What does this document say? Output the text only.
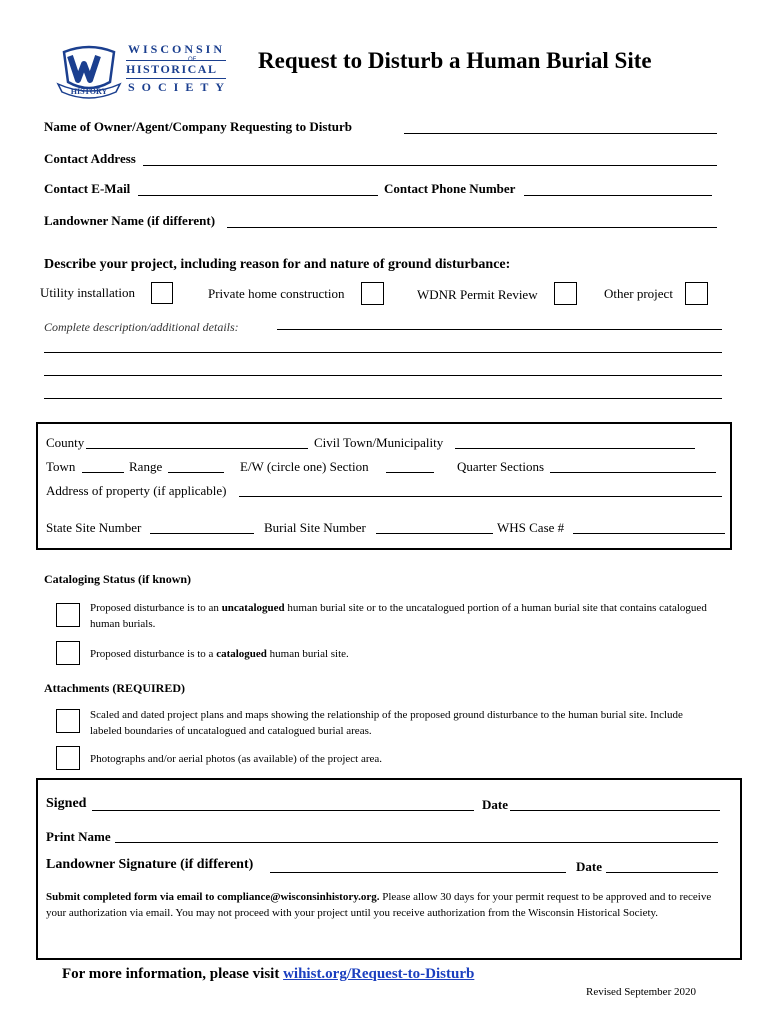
HISTORY
WISCONSIN
OF
HISTORICAL
SOCIETY
Request to Disturb a Human Burial Site
Name of Owner/Agent/Company Requesting to Disturb
Contact Address
Contact E-Mail	Contact Phone Number
Landowner Name (if different)
Describe your project, including reason for and nature of ground disturbance:
Utility installation	Private home construction	WDNR Permit Review	Other project
Complete description/additional details:
County	Civil Town/Municipality
Town	Range	E/W (circle one) Section	Quarter Sections
Address of property (if applicable)
State Site Number	Burial Site Number	WHS Case #
Cataloging Status (if known)
Proposed disturbance is to an uncatalogued human burial site or to the uncatalogued portion of a human burial site that contains catalogued human burials.
Proposed disturbance is to a catalogued human burial site.
Attachments (REQUIRED)
Scaled and dated project plans and maps showing the relationship of the proposed ground disturbance to the human burial site. Include labeled boundaries of uncatalogued and catalogued burial areas.
Photographs and/or aerial photos (as available) of the project area.
Signed	Date
Print Name
Landowner Signature (if different)	Date
Submit completed form via email to compliance@wisconsinhistory.org. Please allow 30 days for your permit request to be approved and to receive your authorization via email. You may not proceed with your project until you receive authorization from the Wisconsin Historical Society.
For more information, please visit wihist.org/Request-to-Disturb
Revised September 2020
